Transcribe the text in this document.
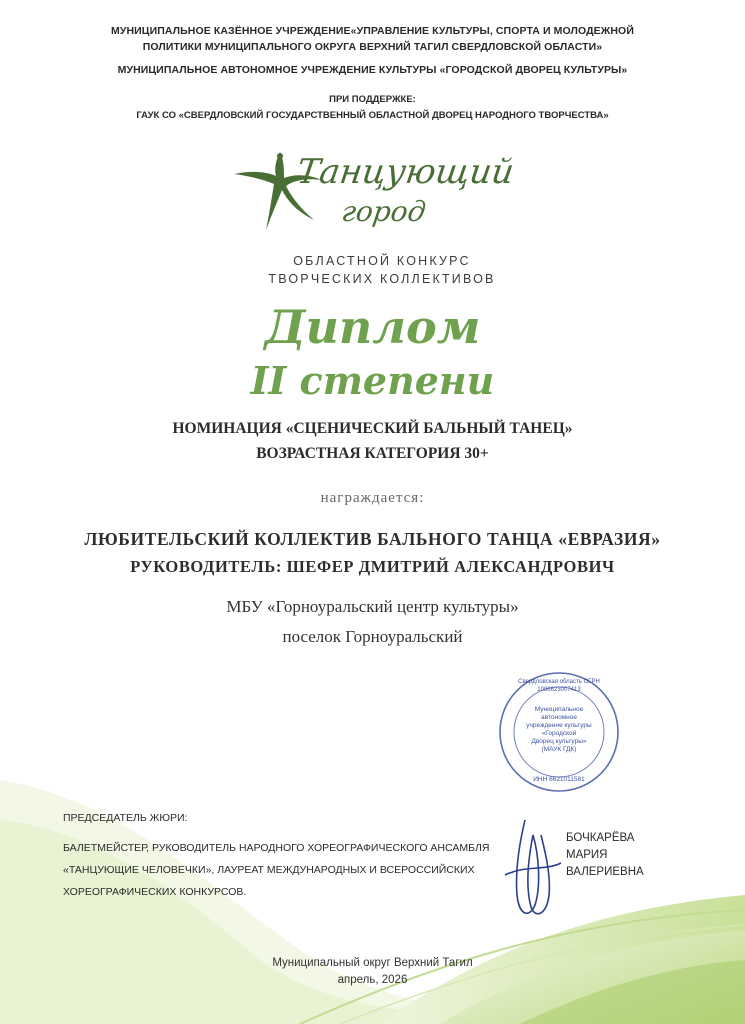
МУНИЦИПАЛЬНОЕ КАЗЁННОЕ УЧРЕЖДЕНИЕ«УПРАВЛЕНИЕ КУЛЬТУРЫ, СПОРТА И МОЛОДЕЖНОЙ
ПОЛИТИКИ МУНИЦИПАЛЬНОГО ОКРУГА ВЕРХНИЙ ТАГИЛ СВЕРДЛОВСКОЙ ОБЛАСТИ»
МУНИЦИПАЛЬНОЕ АВТОНОМНОЕ УЧРЕЖДЕНИЕ КУЛЬТУРЫ «ГОРОДСКОЙ ДВОРЕЦ КУЛЬТУРЫ»
ПРИ ПОДДЕРЖКЕ:
ГАУК СО «СВЕРДЛОВСКИЙ ГОСУДАРСТВЕННЫЙ ОБЛАСТНОЙ ДВОРЕЦ НАРОДНОГО ТВОРЧЕСТВА»
Танцующий
город
ОБЛАСТНОЙ КОНКУРС
ТВОРЧЕСКИХ КОЛЛЕКТИВОВ
Диплом
II степени
НОМИНАЦИЯ «СЦЕНИЧЕСКИЙ БАЛЬНЫЙ ТАНЕЦ»
ВОЗРАСТНАЯ КАТЕГОРИЯ 30+
награждается:
ЛЮБИТЕЛЬСКИЙ КОЛЛЕКТИВ БАЛЬНОГО ТАНЦА «ЕВРАЗИЯ»
РУКОВОДИТЕЛЬ: ШЕФЕР ДМИТРИЙ АЛЕКСАНДРОВИЧ
МБУ «Горноуральский центр культуры»
поселок Горноуральский
Свердловская область ОГРН 1096623007413
Муниципальное
автономное
учреждение культуры
«Городской
Дворец культуры»
(МАУК ГДК)
ИНН 6621011581
ПРЕДСЕДАТЕЛЬ ЖЮРИ:
БАЛЕТМЕЙСТЕР, РУКОВОДИТЕЛЬ НАРОДНОГО ХОРЕОГРАФИЧЕСКОГО АНСАМБЛЯ
«ТАНЦУЮЩИЕ ЧЕЛОВЕЧКИ», ЛАУРЕАТ МЕЖДУНАРОДНЫХ И ВСЕРОССИЙСКИХ
ХОРЕОГРАФИЧЕСКИХ КОНКУРСОВ.
БОЧКАРЁВА
МАРИЯ
ВАЛЕРИЕВНА
Муниципальный округ Верхний Тагил
апрель, 2026
